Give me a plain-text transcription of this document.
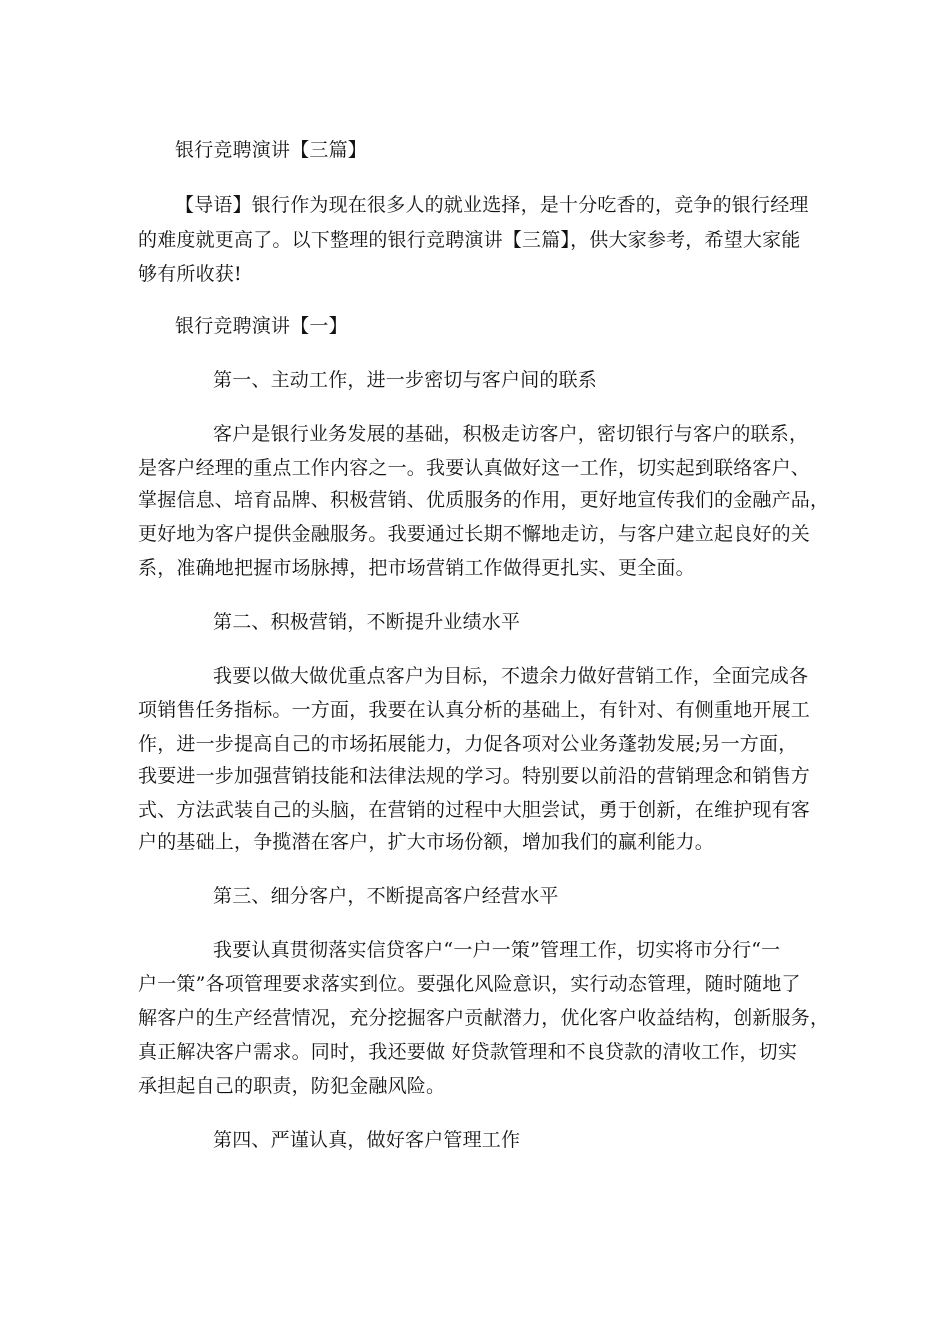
银行竞聘演讲【三篇】
【导语】银行作为现在很多人的就业选择，是十分吃香的，竞争的银行经理
的难度就更高了。以下整理的银行竞聘演讲【三篇】，供大家参考，希望大家能
够有所收获!
银行竞聘演讲【一】
第一、主动工作，进一步密切与客户间的联系
客户是银行业务发展的基础，积极走访客户，密切银行与客户的联系，
是客户经理的重点工作内容之一。我要认真做好这一工作，切实起到联络客户、
掌握信息、培育品牌、积极营销、优质服务的作用，更好地宣传我们的金融产品，
更好地为客户提供金融服务。我要通过长期不懈地走访，与客户建立起良好的关
系，准确地把握市场脉搏，把市场营销工作做得更扎实、更全面。
第二、积极营销，不断提升业绩水平
我要以做大做优重点客户为目标，不遗余力做好营销工作，全面完成各
项销售任务指标。一方面，我要在认真分析的基础上，有针对、有侧重地开展工
作，进一步提高自己的市场拓展能力，力促各项对公业务蓬勃发展;另一方面，
我要进一步加强营销技能和法律法规的学习。特别要以前沿的营销理念和销售方
式、方法武装自己的头脑，在营销的过程中大胆尝试，勇于创新，在维护现有客
户的基础上，争揽潜在客户，扩大市场份额，增加我们的赢利能力。
第三、细分客户，不断提高客户经营水平
我要认真贯彻落实信贷客户“一户一策”管理工作，切实将市分行“一
户一策”各项管理要求落实到位。要强化风险意识，实行动态管理，随时随地了
解客户的生产经营情况，充分挖掘客户贡献潜力，优化客户收益结构，创新服务，
真正解决客户需求。同时，我还要做 好贷款管理和不良贷款的清收工作，切实
承担起自己的职责，防犯金融风险。
第四、严谨认真，做好客户管理工作
